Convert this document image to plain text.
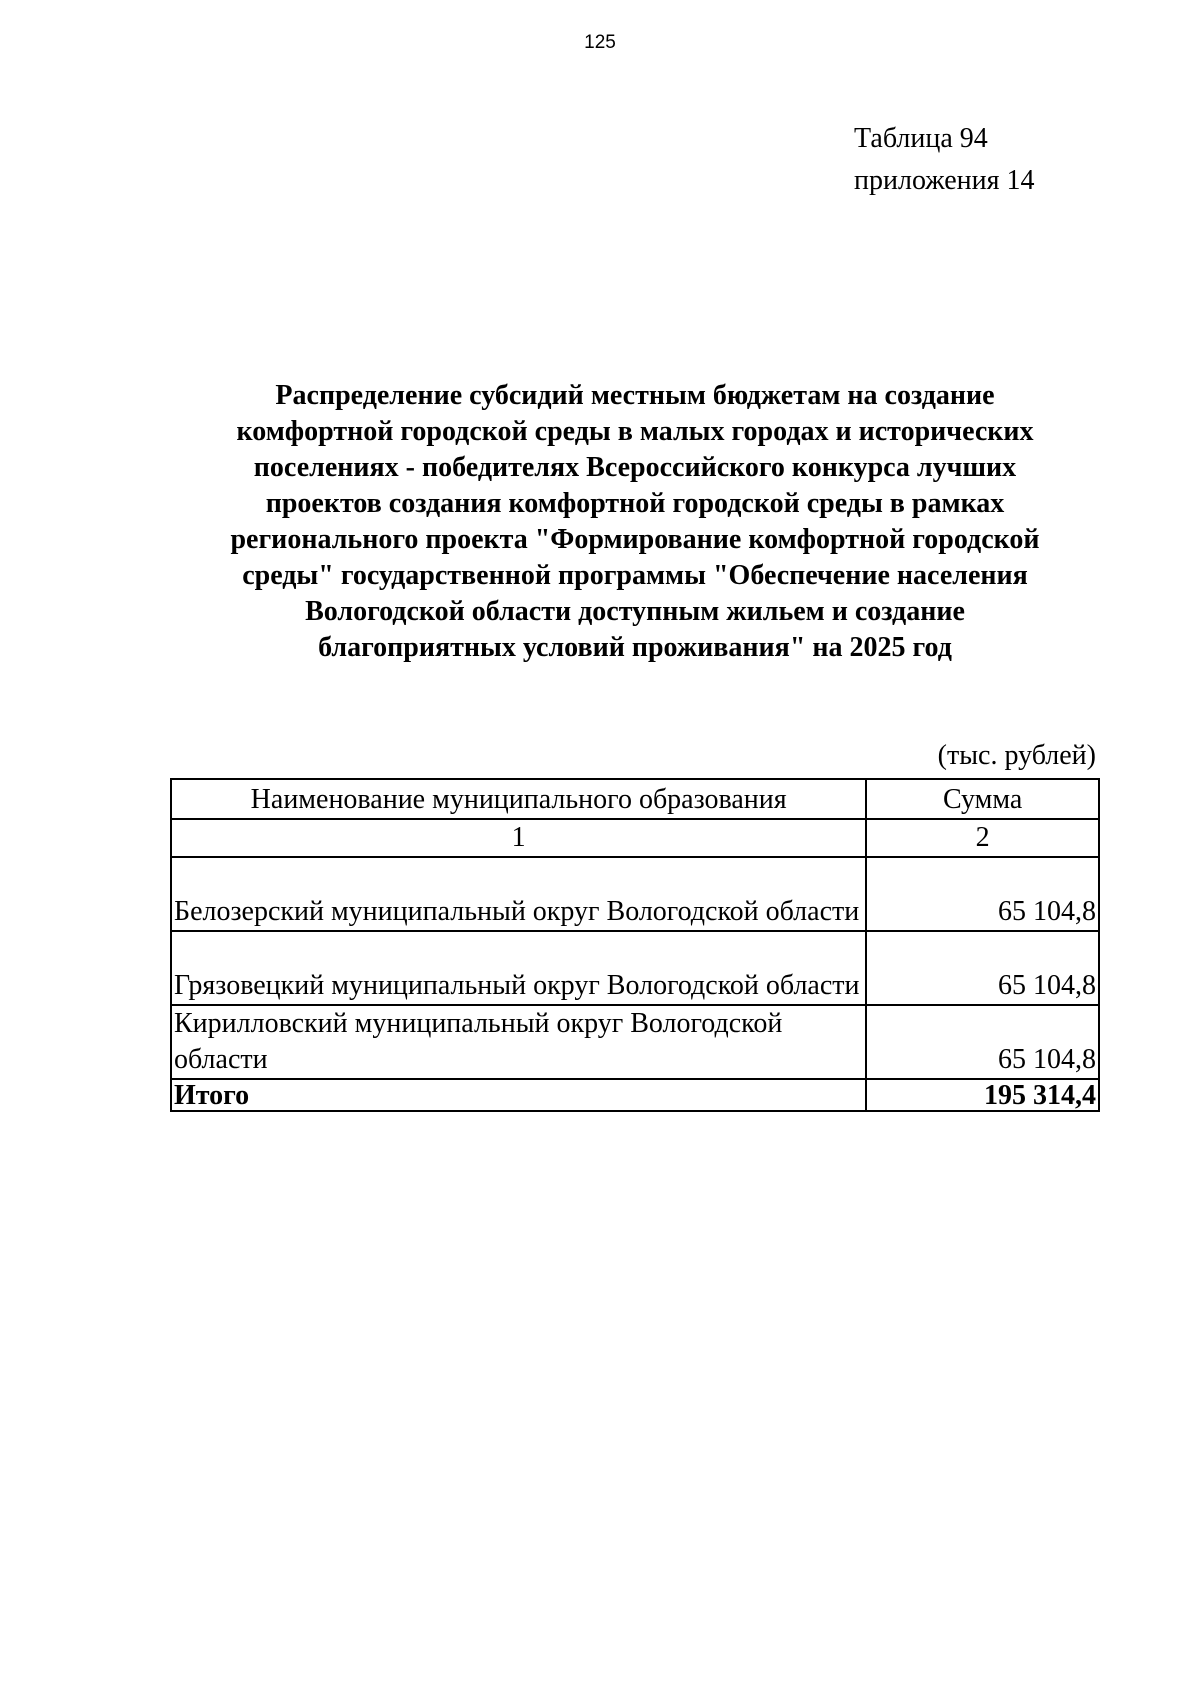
125
Таблица 94
приложения 14
Распределение субсидий местным бюджетам на создание
комфортной городской среды в малых городах и исторических
поселениях - победителях Всероссийского конкурса лучших
проектов создания комфортной городской среды в рамках
регионального проекта "Формирование комфортной городской
среды" государственной программы "Обеспечение населения
Вологодской области доступным жильем и создание
благоприятных условий проживания" на 2025 год
(тыс. рублей)
Наименование муниципального образования	Сумма
1	2
Белозерский муниципальный округ Вологодской области	65 104,8
Грязовецкий муниципальный округ Вологодской области	65 104,8
Кирилловский муниципальный округ Вологодской области	65 104,8
Итого	195 314,4
